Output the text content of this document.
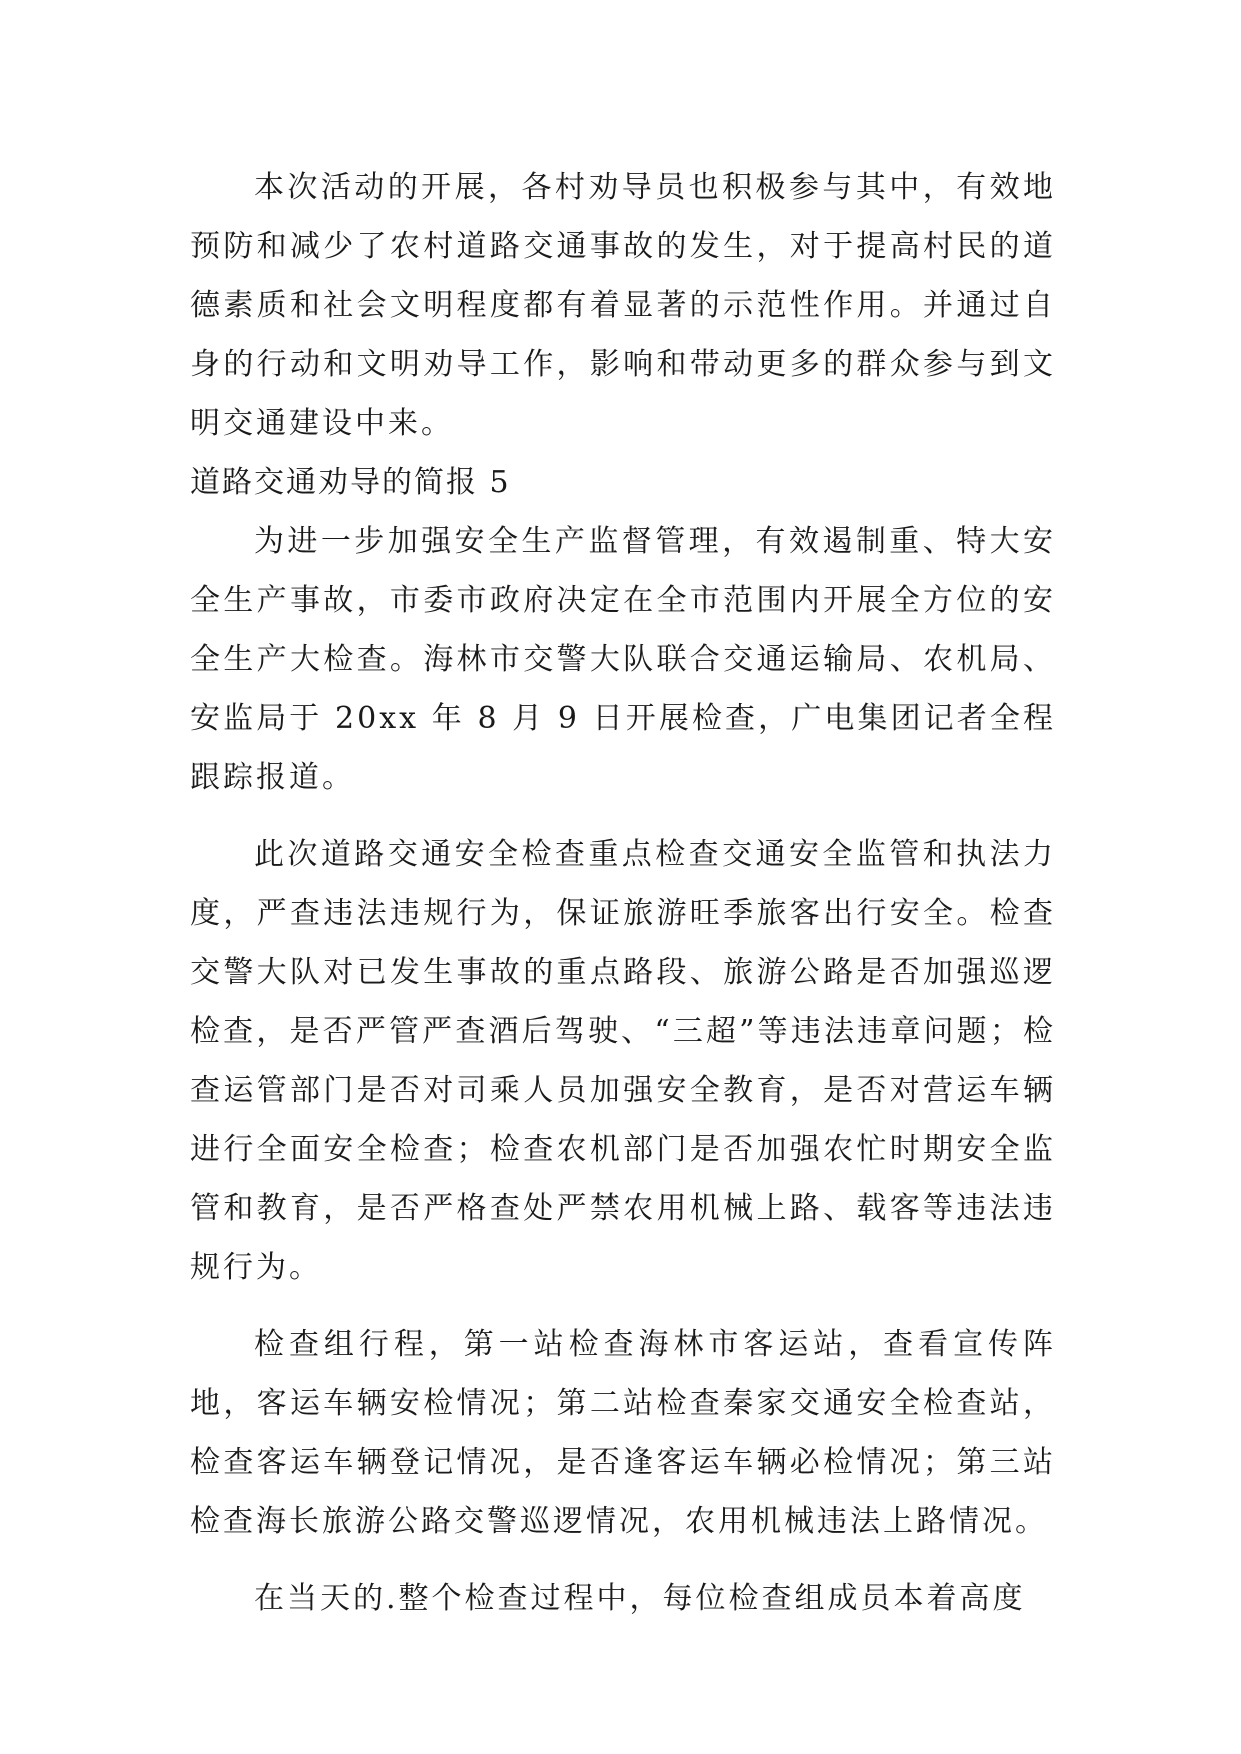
本次活动的开展，各村劝导员也积极参与其中，有效地预防和减少了农村道路交通事故的发生，对于提高村民的道德素质和社会文明程度都有着显著的示范性作用。并通过自身的行动和文明劝导工作，影响和带动更多的群众参与到文明交通建设中来。

道路交通劝导的简报 5

为进一步加强安全生产监督管理，有效遏制重、特大安全生产事故，市委市政府决定在全市范围内开展全方位的安全生产大检查。海林市交警大队联合交通运输局、农机局、安监局于 20xx 年 8 月 9 日开展检查，广电集团记者全程跟踪报道。

此次道路交通安全检查重点检查交通安全监管和执法力度，严查违法违规行为，保证旅游旺季旅客出行安全。检查交警大队对已发生事故的重点路段、旅游公路是否加强巡逻检查，是否严管严查酒后驾驶、“三超”等违法违章问题；检查运管部门是否对司乘人员加强安全教育，是否对营运车辆进行全面安全检查；检查农机部门是否加强农忙时期安全监管和教育，是否严格查处严禁农用机械上路、载客等违法违规行为。

检查组行程，第一站检查海林市客运站，查看宣传阵地，客运车辆安检情况；第二站检查秦家交通安全检查站，检查客运车辆登记情况，是否逢客运车辆必检情况；第三站检查海长旅游公路交警巡逻情况，农用机械违法上路情况。

在当天的.整个检查过程中，每位检查组成员本着高度
